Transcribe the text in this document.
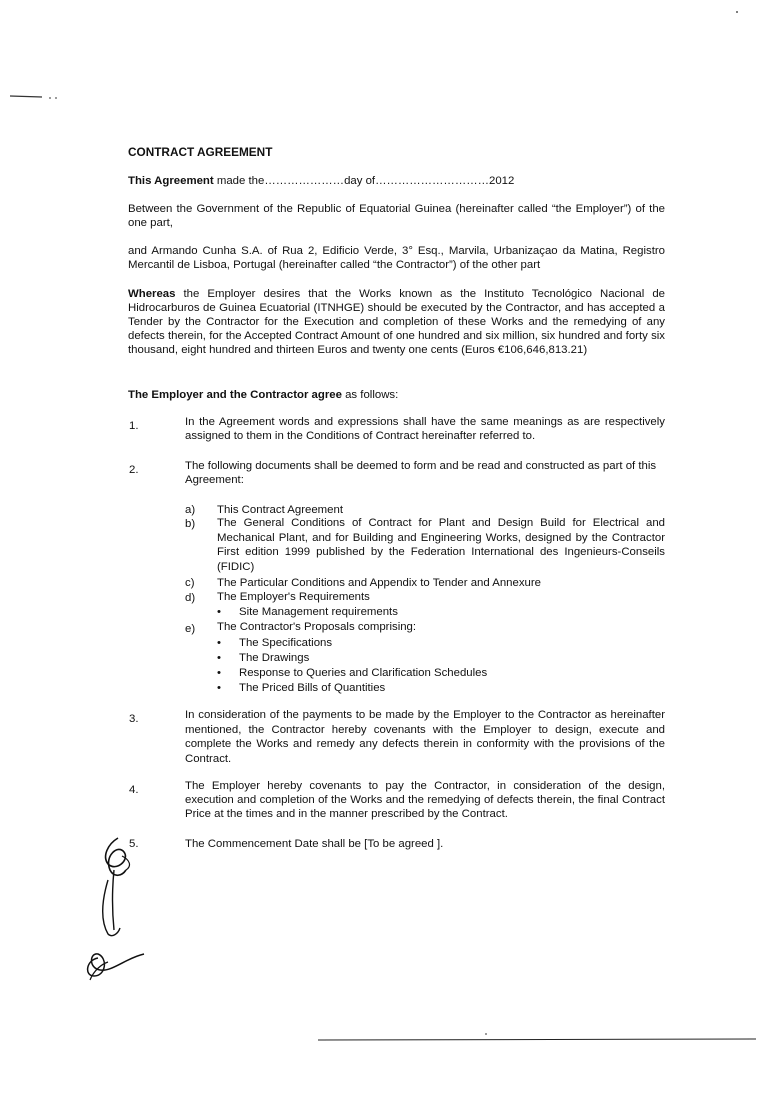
CONTRACT AGREEMENT

This Agreement made the…………………day of…………………………2012

Between the Government of the Republic of Equatorial Guinea (hereinafter called “the Employer”) of the one part,

and Armando Cunha S.A. of Rua 2, Edificio Verde, 3° Esq., Marvila, Urbanizaçao da Matina, Registro Mercantil de Lisboa, Portugal (hereinafter called “the Contractor”) of the other part

Whereas the Employer desires that the Works known as the Instituto Tecnológico Nacional de Hidrocarburos de Guinea Ecuatorial (ITNHGE) should be executed by the Contractor, and has accepted a Tender by the Contractor for the Execution and completion of these Works and the remedying of any defects therein, for the Accepted Contract Amount of one hundred and six million, six hundred and forty six thousand, eight hundred and thirteen Euros and twenty one cents (Euros €106,646,813.21)

The Employer and the Contractor agree as follows:

1.	In the Agreement words and expressions shall have the same meanings as are respectively assigned to them in the Conditions of Contract hereinafter referred to.

2.	The following documents shall be deemed to form and be read and constructed as part of this Agreement:

a) This Contract Agreement

b) The General Conditions of Contract for Plant and Design Build for Electrical and Mechanical Plant, and for Building and Engineering Works, designed by the Contractor First edition 1999 published by the Federation International des Ingenieurs-Conseils (FIDIC)

c) The Particular Conditions and Appendix to Tender and Annexure

d) The Employer's Requirements

• Site Management requirements

e) The Contractor's Proposals comprising:

• The Specifications

• The Drawings

• Response to Queries and Clarification Schedules

• The Priced Bills of Quantities

3.	In consideration of the payments to be made by the Employer to the Contractor as hereinafter mentioned, the Contractor hereby covenants with the Employer to design, execute and complete the Works and remedy any defects therein in conformity with the provisions of the Contract.

4.	The Employer hereby covenants to pay the Contractor, in consideration of the design, execution and completion of the Works and the remedying of defects therein, the final Contract Price at the times and in the manner prescribed by the Contract.

5.	The Commencement Date shall be [To be agreed ].
